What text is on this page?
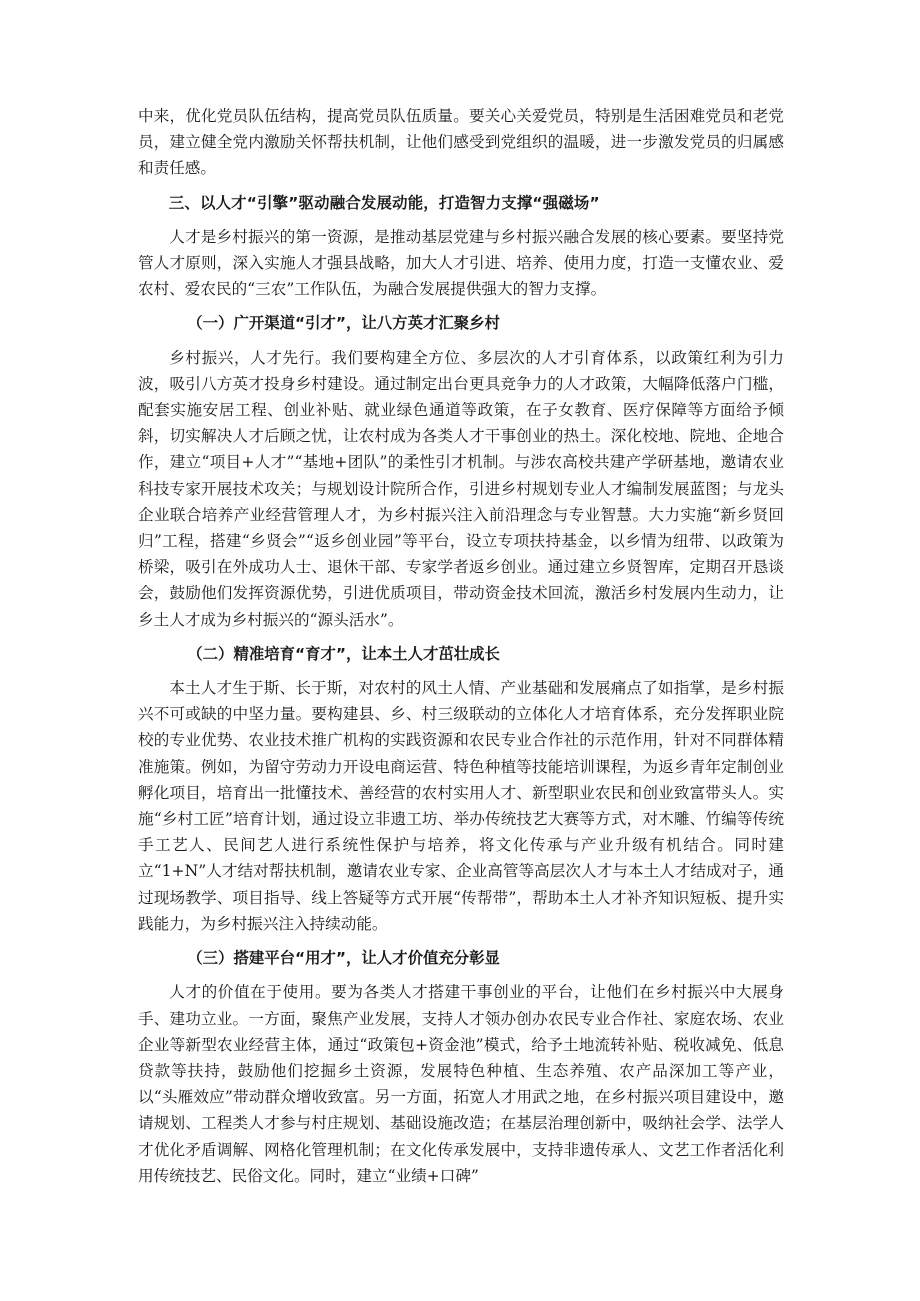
中来，优化党员队伍结构，提高党员队伍质量。要关心关爱党员，特别是生活困难党员和老党员，建立健全党内激励关怀帮扶机制，让他们感受到党组织的温暖，进一步激发党员的归属感和责任感。

三、以人才“引擎”驱动融合发展动能，打造智力支撑“强磁场”

人才是乡村振兴的第一资源，是推动基层党建与乡村振兴融合发展的核心要素。要坚持党管人才原则，深入实施人才强县战略，加大人才引进、培养、使用力度，打造一支懂农业、爱农村、爱农民的“三农”工作队伍，为融合发展提供强大的智力支撑。

（一）广开渠道“引才”，让八方英才汇聚乡村

乡村振兴，人才先行。我们要构建全方位、多层次的人才引育体系，以政策红利为引力波，吸引八方英才投身乡村建设。通过制定出台更具竞争力的人才政策，大幅降低落户门槛，配套实施安居工程、创业补贴、就业绿色通道等政策，在子女教育、医疗保障等方面给予倾斜，切实解决人才后顾之忧，让农村成为各类人才干事创业的热土。深化校地、院地、企地合作，建立“项目+人才”“基地+团队”的柔性引才机制。与涉农高校共建产学研基地，邀请农业科技专家开展技术攻关；与规划设计院所合作，引进乡村规划专业人才编制发展蓝图；与龙头企业联合培养产业经营管理人才，为乡村振兴注入前沿理念与专业智慧。大力实施“新乡贤回归”工程，搭建“乡贤会”“返乡创业园”等平台，设立专项扶持基金，以乡情为纽带、以政策为桥梁，吸引在外成功人士、退休干部、专家学者返乡创业。通过建立乡贤智库，定期召开恳谈会，鼓励他们发挥资源优势，引进优质项目，带动资金技术回流，激活乡村发展内生动力，让乡土人才成为乡村振兴的“源头活水”。

（二）精准培育“育才”，让本土人才茁壮成长

本土人才生于斯、长于斯，对农村的风土人情、产业基础和发展痛点了如指掌，是乡村振兴不可或缺的中坚力量。要构建县、乡、村三级联动的立体化人才培育体系，充分发挥职业院校的专业优势、农业技术推广机构的实践资源和农民专业合作社的示范作用，针对不同群体精准施策。例如，为留守劳动力开设电商运营、特色种植等技能培训课程，为返乡青年定制创业孵化项目，培育出一批懂技术、善经营的农村实用人才、新型职业农民和创业致富带头人。实施“乡村工匠”培育计划，通过设立非遗工坊、举办传统技艺大赛等方式，对木雕、竹编等传统手工艺人、民间艺人进行系统性保护与培养，将文化传承与产业升级有机结合。同时建立“1+N”人才结对帮扶机制，邀请农业专家、企业高管等高层次人才与本土人才结成对子，通过现场教学、项目指导、线上答疑等方式开展“传帮带”，帮助本土人才补齐知识短板、提升实践能力，为乡村振兴注入持续动能。

（三）搭建平台“用才”，让人才价值充分彰显

人才的价值在于使用。要为各类人才搭建干事创业的平台，让他们在乡村振兴中大展身手、建功立业。一方面，聚焦产业发展，支持人才领办创办农民专业合作社、家庭农场、农业企业等新型农业经营主体，通过“政策包+资金池”模式，给予土地流转补贴、税收减免、低息贷款等扶持，鼓励他们挖掘乡土资源，发展特色种植、生态养殖、农产品深加工等产业，以“头雁效应”带动群众增收致富。另一方面，拓宽人才用武之地，在乡村振兴项目建设中，邀请规划、工程类人才参与村庄规划、基础设施改造；在基层治理创新中，吸纳社会学、法学人才优化矛盾调解、网格化管理机制；在文化传承发展中，支持非遗传承人、文艺工作者活化利用传统技艺、民俗文化。同时，建立“业绩+口碑”
